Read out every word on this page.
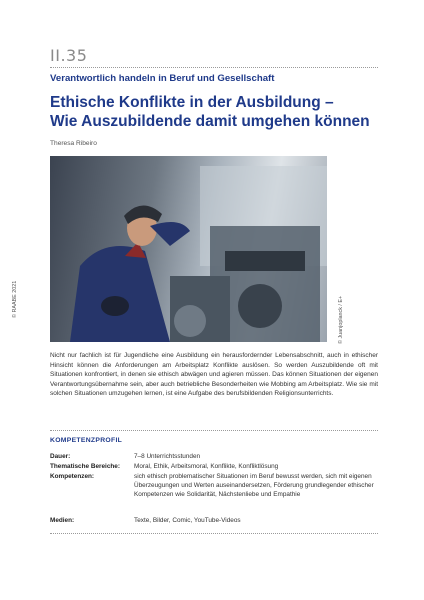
II.35
Verantwortlich handeln in Beruf und Gesellschaft
Ethische Konflikte in der Ausbildung –
Wie Auszubildende damit umgehen können
Theresa Ribeiro
© RAABE 2021	© Juanjoplanck / E+
Nicht nur fachlich ist für Jugendliche eine Ausbildung ein herausfordernder Lebensabschnitt, auch in ethischer Hinsicht können die Anforderungen am Arbeitsplatz Konflikte auslösen. So werden Auszubildende oft mit Situationen konfrontiert, in denen sie ethisch abwägen und agieren müssen. Das können Situationen der eigenen Verantwortungsübernahme sein, aber auch betriebliche Besonderheiten wie Mobbing am Arbeitsplatz. Wie sie mit solchen Situationen umzugehen lernen, ist eine Aufgabe des berufsbildenden Religionsunterrichts.
KOMPETENZPROFIL
Dauer:	7–8 Unterrichtsstunden
Thematische Bereiche: Moral, Ethik, Arbeitsmoral, Konflikte, Konfliktlösung
Kompetenzen:	sich ethisch problematischer Situationen im Beruf bewusst werden, sich mit eigenen Überzeugungen und Werten auseinandersetzen, Förderung grundlegender ethischer Kompetenzen wie Solidarität, Nächstenliebe und Empathie
Medien:	Texte, Bilder, Comic, YouTube-Videos
